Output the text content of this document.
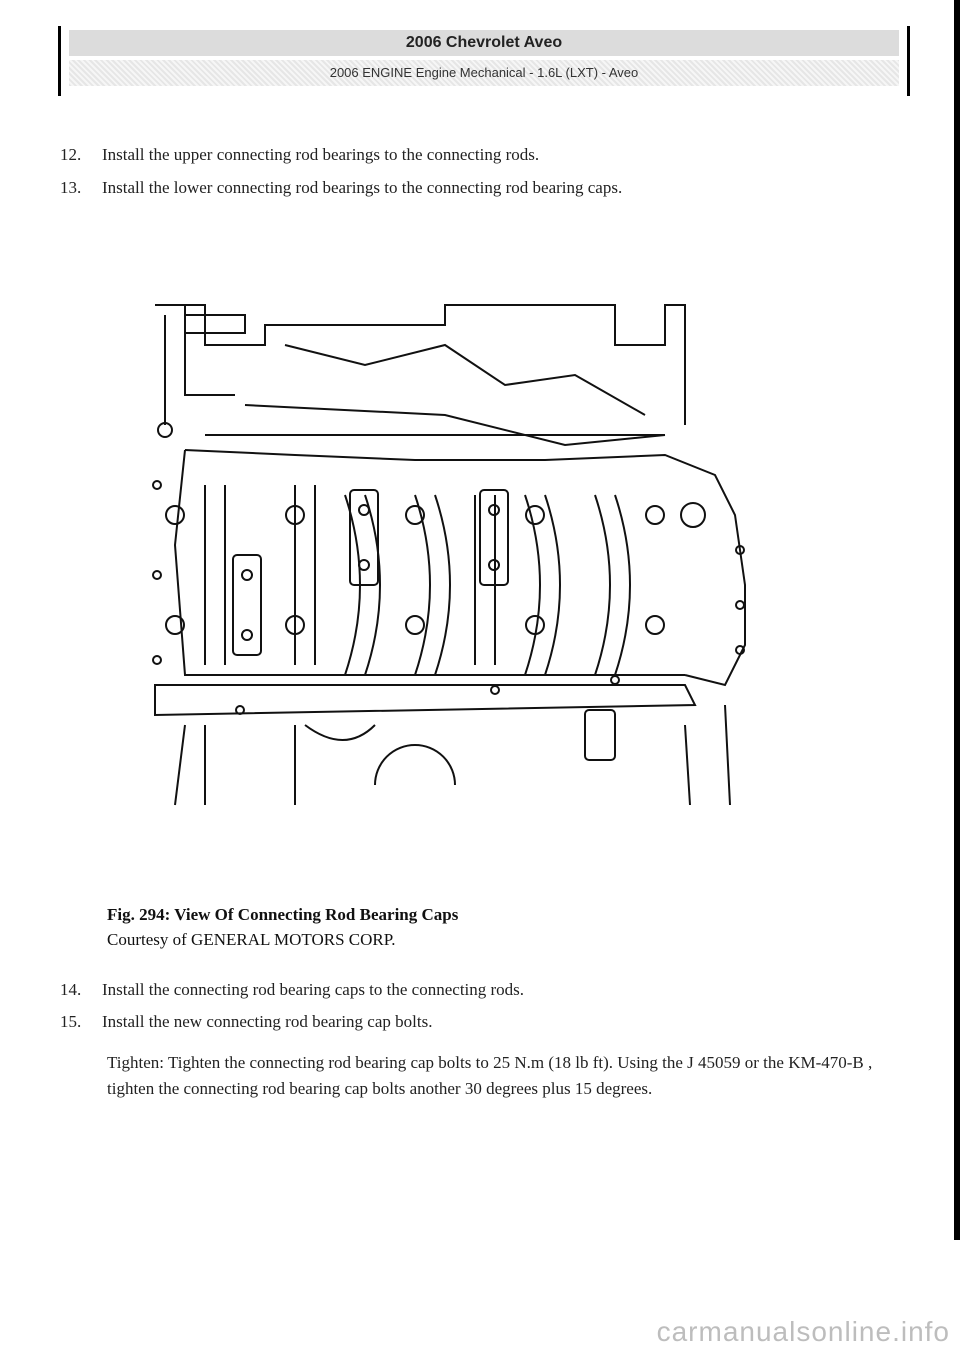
2006 Chevrolet Aveo
2006 ENGINE Engine Mechanical - 1.6L (LXT) - Aveo
12. Install the upper connecting rod bearings to the connecting rods.
13. Install the lower connecting rod bearings to the connecting rod bearing caps.
Fig. 294: View Of Connecting Rod Bearing Caps
Courtesy of GENERAL MOTORS CORP.
14. Install the connecting rod bearing caps to the connecting rods.
15. Install the new connecting rod bearing cap bolts.
Tighten: Tighten the connecting rod bearing cap bolts to 25 N.m (18 lb ft). Using the J 45059 or the KM-470-B , tighten the connecting rod bearing cap bolts another 30 degrees plus 15 degrees.
carmanualsonline.info
